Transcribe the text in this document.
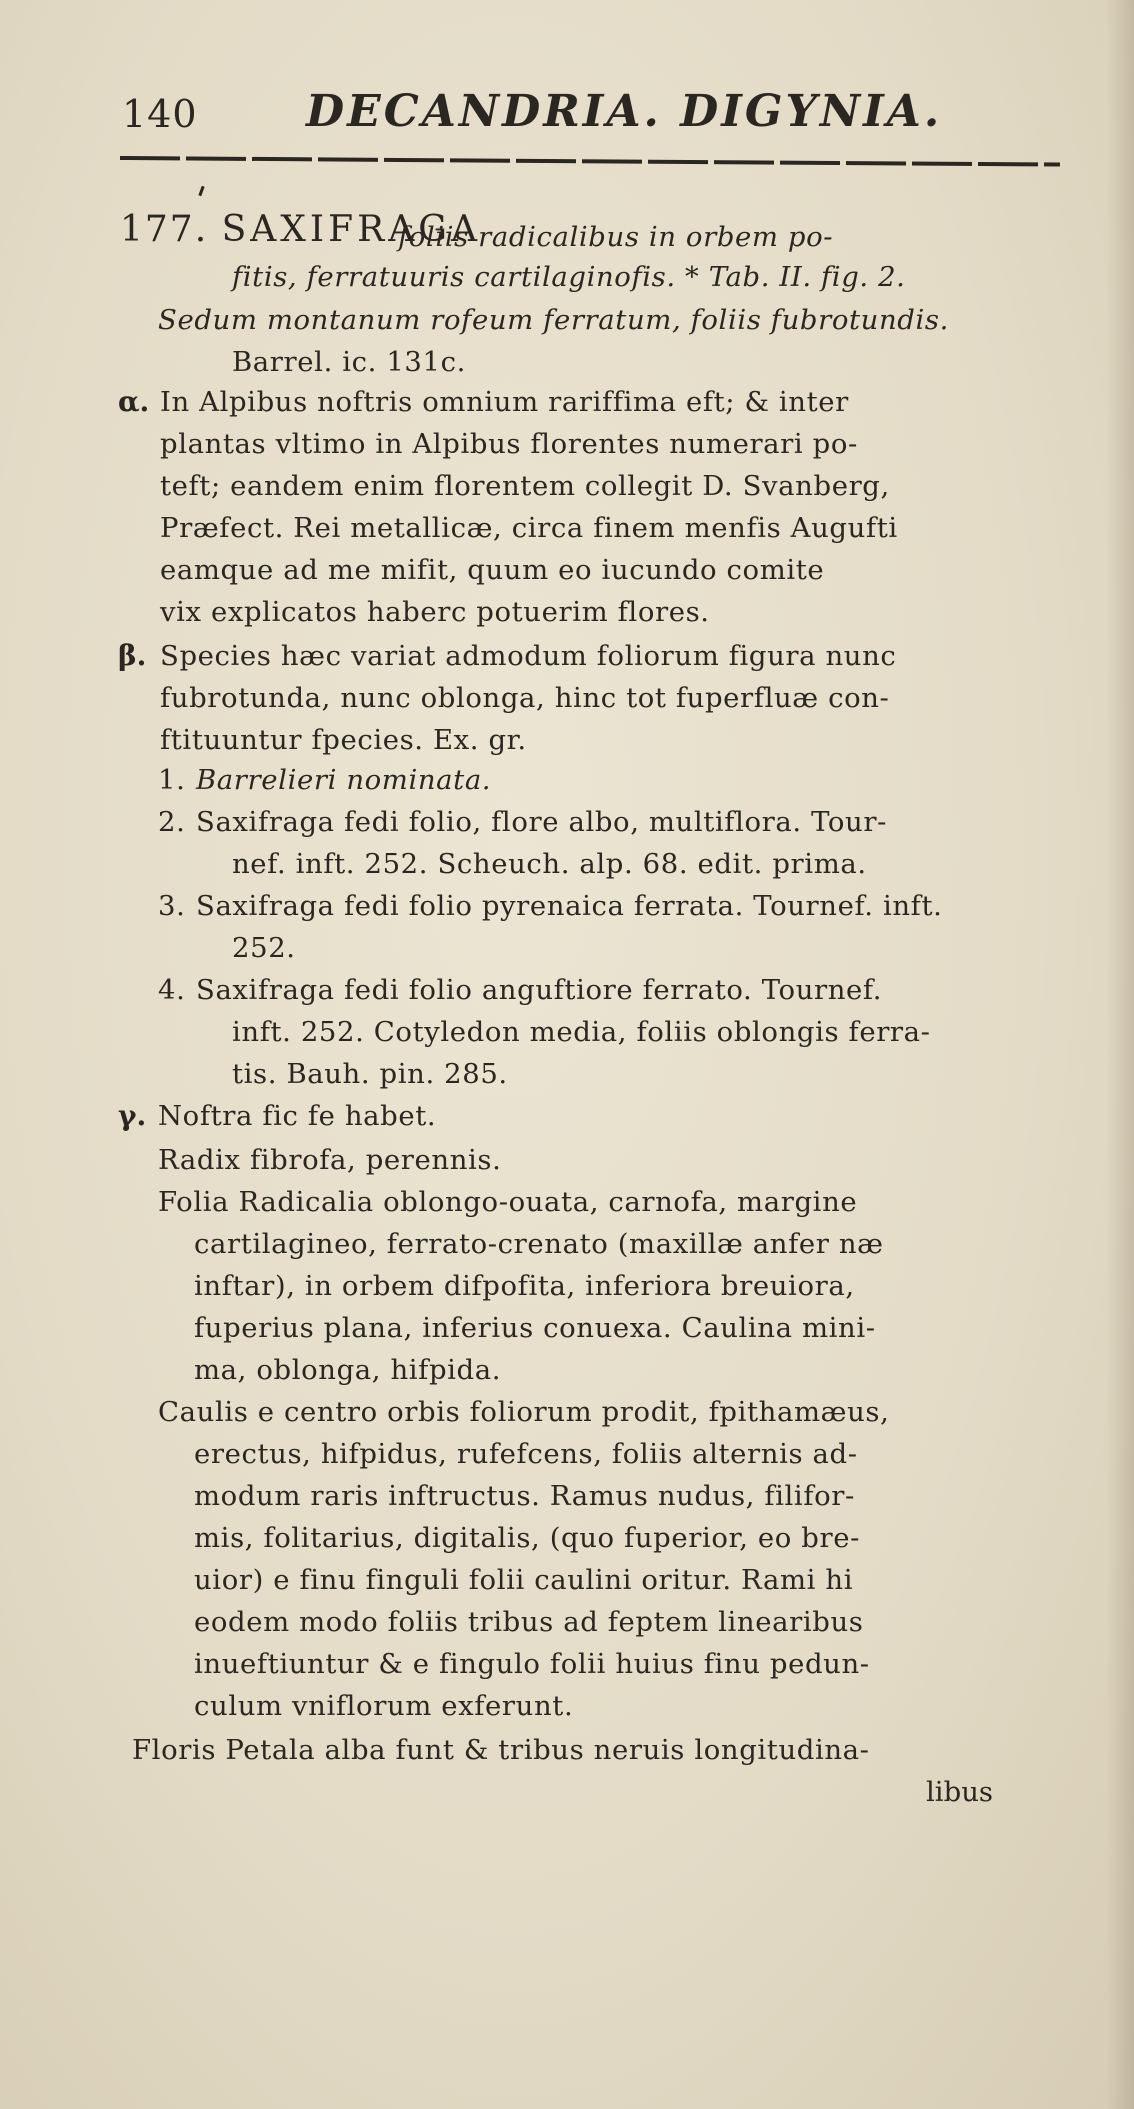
140 DECANDRIA. DIGYNIA.
177. SAXIFRAGA
foliis radicalibus in orbem po-
fitis, ferratuuris cartilaginofis. * Tab. II. fig. 2.
Sedum montanum rofeum ferratum, foliis fubrotundis.
Barrel. ic. 131c.
α. In Alpibus noftris omnium rariffima eft; & inter
plantas vltimo in Alpibus florentes numerari po-
teft; eandem enim florentem collegit D. Svanberg,
Præfect. Rei metallicæ, circa finem menfis Augufti
eamque ad me mifit, quum eo iucundo comite
vix explicatos haberc potuerim flores.
β. Species hæc variat admodum foliorum figura nunc
fubrotunda, nunc oblonga, hinc tot fuperfluæ con-
ftituuntur fpecies. Ex. gr.
1. Barrelieri nominata.
2. Saxifraga fedi folio, flore albo, multiflora. Tour-
nef. inft. 252. Scheuch. alp. 68. edit. prima.
3. Saxifraga fedi folio pyrenaica ferrata. Tournef. inft.
252.
4. Saxifraga fedi folio anguftiore ferrato. Tournef.
inft. 252. Cotyledon media, foliis oblongis ferra-
tis. Bauh. pin. 285.
γ. Noftra fic fe habet.
Radix fibrofa, perennis.
Folia Radicalia oblongo-ouata, carnofa, margine
cartilagineo, ferrato-crenato (maxillæ anfer næ
inftar), in orbem difpofita, inferiora breuiora,
fuperius plana, inferius conuexa. Caulina mini-
ma, oblonga, hifpida.
Caulis e centro orbis foliorum prodit, fpithamæus,
erectus, hifpidus, rufefcens, foliis alternis ad-
modum raris inftructus. Ramus nudus, filifor-
mis, folitarius, digitalis, (quo fuperior, eo bre-
uior) e finu finguli folii caulini oritur. Rami hi
eodem modo foliis tribus ad feptem linearibus
inueftiuntur & e fingulo folii huius finu pedun-
culum vniflorum exferunt.
Floris Petala alba funt & tribus neruis longitudina-
libus
